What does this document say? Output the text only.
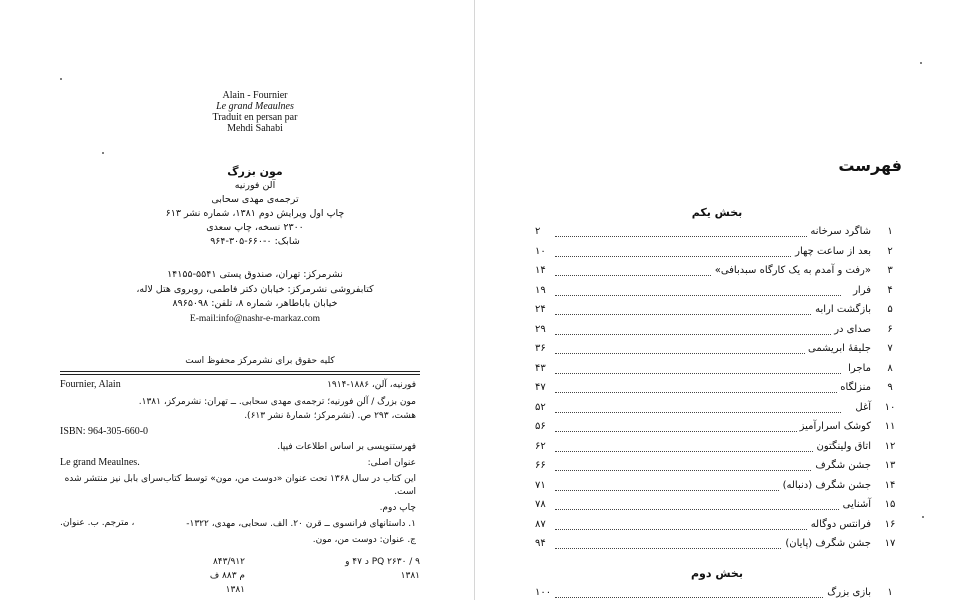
Alain - Fournier
Le grand Meaulnes
Traduit en persan par
Mehdi Sahabi
مون بزرگ
آلن فورنیه
ترجمه‌ی مهدی سحابی
چاپ اول ویرایش دوم ۱۳۸۱، شماره نشر ۶۱۳
۲۳۰۰ نسخه، چاپ سعدی
شابک: ۰-۶۶۰-۳۰۵-۹۶۴
نشرمرکز: تهران، صندوق پستی ۵۵۴۱-۱۴۱۵۵
کتابفروشی نشرمرکز: خیابان دکتر فاطمی، روبروی هتل لاله،
خیابان باباطاهر، شماره ۸، تلفن: ۸۹۶۵۰۹۸
E-mail:info@nashr-e-markaz.com
کلیه حقوق برای نشرمرکز محفوظ است
Fournier, Alain	فورنیه، آلن، ۱۸۸۶-۱۹۱۴
مون بزرگ / آلن فورنیه؛ ترجمه‌ی مهدی سحابی. ــ تهران: نشرمرکز، ۱۳۸۱.
هشت، ۲۹۳ ص. (نشرمرکز؛ شمارهٔ نشر ۶۱۳).
ISBN: 964-305-660-0
فهرستنویسی بر اساس اطلاعات فیپا.
Le grand Meaulnes.	عنوان اصلی:
این کتاب در سال ۱۳۶۸ تحت عنوان «دوست من، مون» توسط کتاب‌سرای بابل نیز منتشر شده است.
چاپ دوم.
۱. داستانهای فرانسوی ــ قرن ۲۰. الف. سحابی، مهدی، ۱۳۲۲-
، مترجم. ب. عنوان.
ج. عنوان: دوست من، مون.
۸۴۳/۹۱۲
م ۸۸۳ ف
۱۳۸۱
PQ ۲۶۳۰ / ۹ د ۴۷ و
۱۳۸۱
فهرست
بخش یکم
۱
شاگرد سرخانه
۲
۲
بعد از ساعت چهار
۱۰
۳
«رفت و آمدم به یک کارگاه سبدبافی»
۱۴
۴
فرار
۱۹
۵
بازگشت ارابه
۲۴
۶
صدای در
۲۹
۷
جلیقهٔ ابریشمی
۳۶
۸
ماجرا
۴۳
۹
منزلگاه
۴۷
۱۰
آغل
۵۲
۱۱
کوشک اسرارآمیز
۵۶
۱۲
اتاق ولینگتون
۶۲
۱۳
جشن شگرف
۶۶
۱۴
جشن شگرف (دنباله)
۷۱
۱۵
آشنایی
۷۸
۱۶
فرانتس دوگاله
۸۷
۱۷
جشن شگرف (پایان)
۹۴
بخش دوم
۱
بازی بزرگ
۱۰۰
